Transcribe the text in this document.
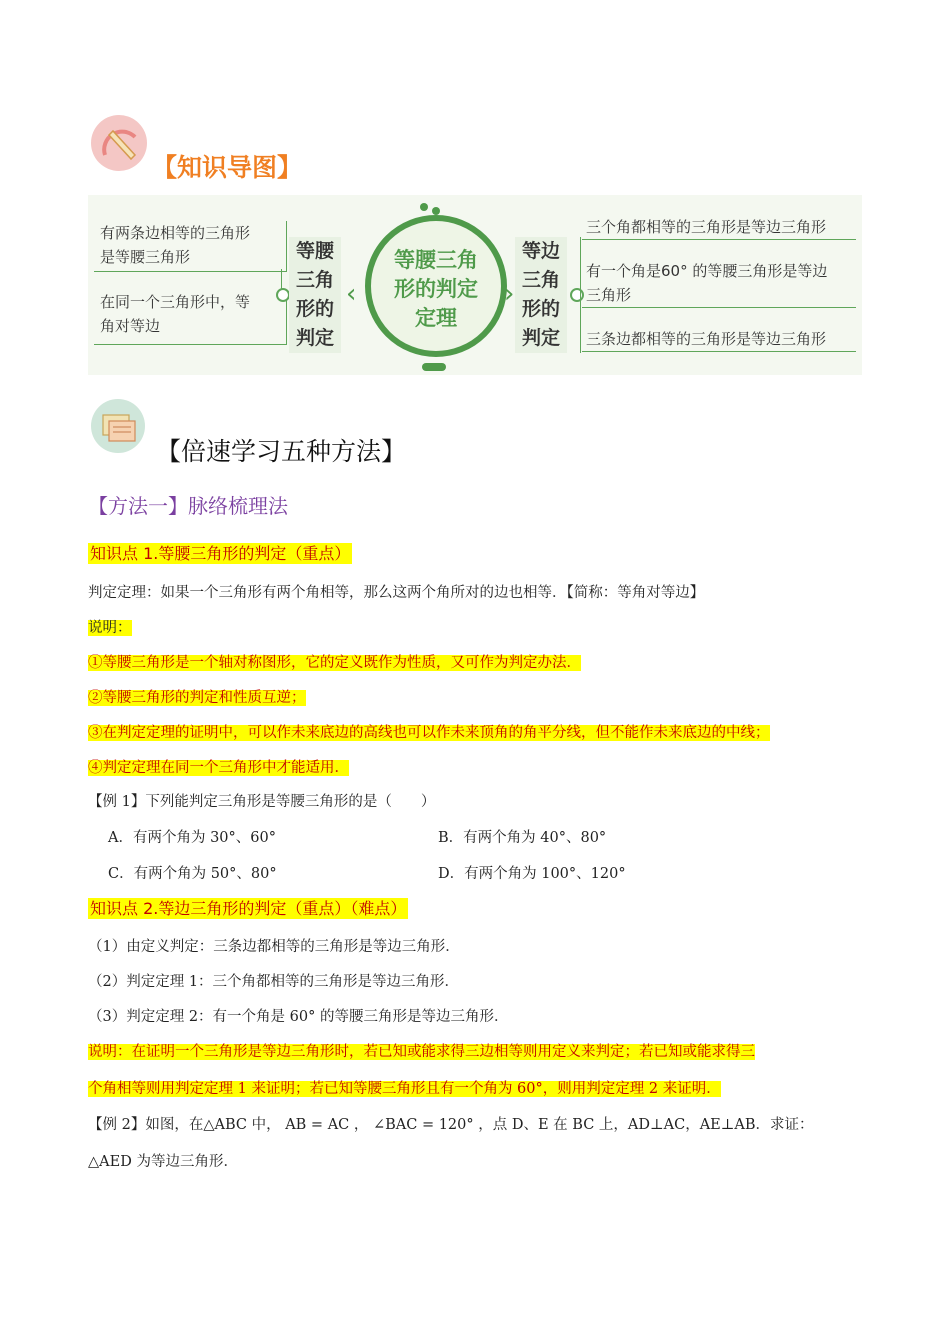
【知识导图】
有两条边相等的三角形
是等腰三角形
在同一个三角形中，等
角对等边
等腰
三角
形的
判定
‹
等腰三角
形的判定
定理
›
等边
三角
形的
判定
三个角都相等的三角形是等边三角形
有一个角是60° 的等腰三角形是等边
三角形
三条边都相等的三角形是等边三角形
【倍速学习五种方法】
【方法一】脉络梳理法
知识点 1.等腰三角形的判定（重点）
判定定理：如果一个三角形有两个角相等，那么这两个角所对的边也相等．【简称：等角对等边】
说明：
①等腰三角形是一个轴对称图形，它的定义既作为性质，又可作为判定办法．
②等腰三角形的判定和性质互逆；
③在判定定理的证明中，可以作未来底边的高线也可以作未来顶角的角平分线，但不能作未来底边的中线；
④判定定理在同一个三角形中才能适用．
【例 1】下列能判定三角形是等腰三角形的是（　　）
A．有两个角为 30°、60°	B．有两个角为 40°、80°
C．有两个角为 50°、80°	D．有两个角为 100°、120°
知识点 2.等边三角形的判定（重点）（难点）
（1）由定义判定：三条边都相等的三角形是等边三角形．
（2）判定定理 1：三个角都相等的三角形是等边三角形．
（3）判定定理 2：有一个角是 60° 的等腰三角形是等边三角形．
说明：在证明一个三角形是等边三角形时，若已知或能求得三边相等则用定义来判定；若已知或能求得三
个角相等则用判定定理 1 来证明；若已知等腰三角形且有一个角为 60°，则用判定定理 2 来证明．
【例 2】如图，在△ABC 中， AB = AC ， ∠BAC = 120° ，点 D、E 在 BC 上，AD⊥AC，AE⊥AB．求证：
△AED 为等边三角形．
